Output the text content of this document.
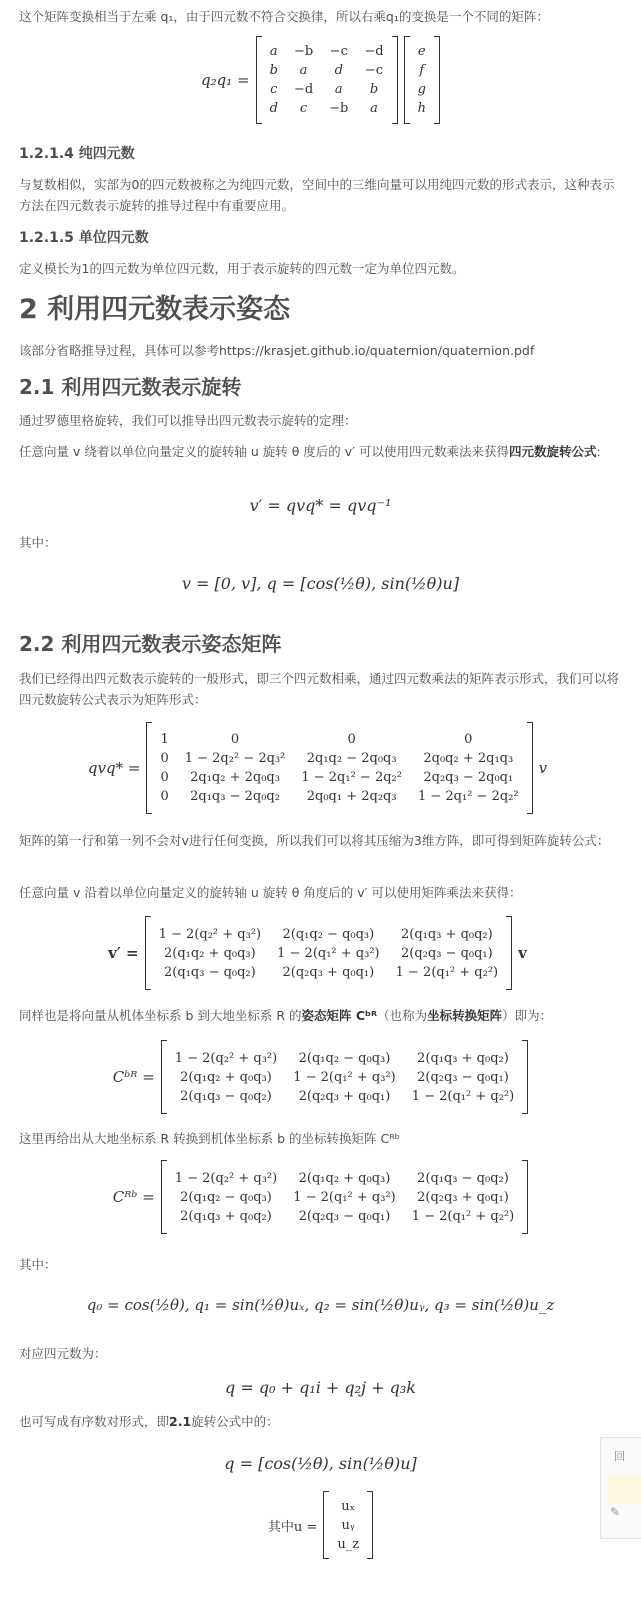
这个矩阵变换相当于左乘 q₁，由于四元数不符合交换律，所以右乘q₁的变换是一个不同的矩阵：

q₂q₁ =
a	−b	−c	−d
b	a	d	−c
c	−d	a	b
d	c	−b	a
e
f
g
h
1.2.1.4 纯四元数

与复数相似，实部为0的四元数被称之为纯四元数，空间中的三维向量可以用纯四元数的形式表示，这种表示方法在四元数表示旋转的推导过程中有重要应用。

1.2.1.5 单位四元数

定义模长为1的四元数为单位四元数，用于表示旋转的四元数一定为单位四元数。

2 利用四元数表示姿态

该部分省略推导过程，具体可以参考https://krasjet.github.io/quaternion/quaternion.pdf

2.1 利用四元数表示旋转

通过罗德里格旋转，我们可以推导出四元数表示旋转的定理：

任意向量 v 绕着以单位向量定义的旋转轴 u 旋转 θ 度后的 v′ 可以使用四元数乘法来获得四元数旋转公式:

v′ = qvq* = qvq⁻¹

其中：

v = [0, v], q = [cos(½θ), sin(½θ)u]
2.2 利用四元数表示姿态矩阵

我们已经得出四元数表示旋转的一般形式，即三个四元数相乘，通过四元数乘法的矩阵表示形式，我们可以将四元数旋转公式表示为矩阵形式：

qvq* =
1	0	0	0
0	1 − 2q₂² − 2q₃²	2q₁q₂ − 2q₀q₃	2q₀q₂ + 2q₁q₃
0	2q₁q₂ + 2q₀q₃	1 − 2q₁² − 2q₂²	2q₂q₃ − 2q₀q₁
0	2q₁q₃ − 2q₀q₂	2q₀q₁ + 2q₂q₃	1 − 2q₁² − 2q₂²
v

矩阵的第一行和第一列不会对v进行任何变换，所以我们可以将其压缩为3维方阵，即可得到矩阵旋转公式：

任意向量 v 沿着以单位向量定义的旋转轴 u 旋转 θ 角度后的 v′ 可以使用矩阵乘法来获得：

v′ =
1 − 2(q₂² + q₃²)	2(q₁q₂ − q₀q₃)	2(q₁q₃ + q₀q₂)
2(q₁q₂ + q₀q₃)	1 − 2(q₁² + q₃²)	2(q₂q₃ − q₀q₁)
2(q₁q₃ − q₀q₂)	2(q₂q₃ + q₀q₁)	1 − 2(q₁² + q₂²)
v

同样也是将向量从机体坐标系 b 到大地坐标系 R 的姿态矩阵 Cᵇᴿ（也称为坐标转换矩阵）即为：

Cᵇᴿ =
1 − 2(q₂² + q₃²)	2(q₁q₂ − q₀q₃)	2(q₁q₃ + q₀q₂)
2(q₁q₂ + q₀q₃)	1 − 2(q₁² + q₃²)	2(q₂q₃ − q₀q₁)
2(q₁q₃ − q₀q₂)	2(q₂q₃ + q₀q₁)	1 − 2(q₁² + q₂²)

这里再给出从大地坐标系 R 转换到机体坐标系 b 的坐标转换矩阵 Cᴿᵇ

Cᴿᵇ =
1 − 2(q₂² + q₃²)	2(q₁q₂ + q₀q₃)	2(q₁q₃ − q₀q₂)
2(q₁q₂ − q₀q₃)	1 − 2(q₁² + q₃²)	2(q₂q₃ + q₀q₁)
2(q₁q₃ + q₀q₂)	2(q₂q₃ − q₀q₁)	1 − 2(q₁² + q₂²)

其中：

q₀ = cos(½θ), q₁ = sin(½θ)uₓ, q₂ = sin(½θ)uᵧ, q₃ = sin(½θ)u_z

对应四元数为：

q = q₀ + q₁i + q₂j + q₃k

也可写成有序数对形式，即2.1旋转公式中的：

q = [cos(½θ), sin(½θ)u]
其中u =
uₓ
uᵧ
u_z
回
✎
